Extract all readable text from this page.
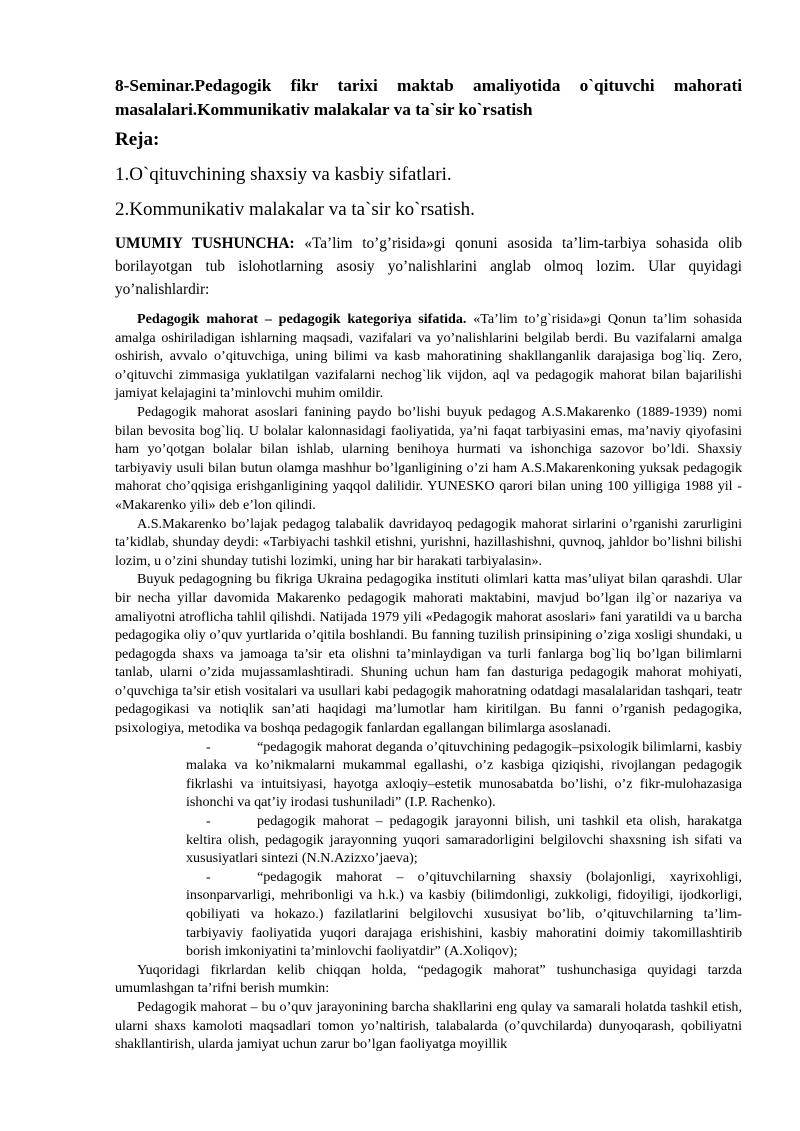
8-Seminar.Pedagogik fikr tarixi maktab amaliyotida o`qituvchi mahorati masalalari.Kommunikativ malakalar va ta`sir ko`rsatish
Reja:
1.O`qituvchining shaxsiy va kasbiy sifatlari.
2.Kommunikativ malakalar va ta`sir ko`rsatish.
UMUMIY TUSHUNCHA: «Ta’lim to’g’risida»gi qonuni asosida ta’lim-tarbiya sohasida olib borilayotgan tub islohotlarning asosiy yo’nalishlarini anglab olmoq lozim. Ular quyidagi yo’nalishlardir:

Pedagogik mahorat – pedagogik kategoriya sifatida. «Ta’lim to’g`risida»gi Qonun ta’lim sohasida amalga oshiriladigan ishlarning maqsadi, vazifalari va yo’nalishlarini belgilab berdi. Bu vazifalarni amalga oshirish, avvalo o’qituvchiga, uning bilimi va kasb mahoratining shakllanganlik darajasiga bog`liq. Zero, o’qituvchi zimmasiga yuklatilgan vazifalarni nechog`lik vijdon, aql va pedagogik mahorat bilan bajarilishi jamiyat kelajagini ta’minlovchi muhim omildir.

Pedagogik mahorat asoslari fanining paydo bo’lishi buyuk pedagog A.S.Makarenko (1889-1939) nomi bilan bevosita bog`liq. U bolalar kalonnasidagi faoliyatida, ya’ni faqat tarbiyasini emas, ma’naviy qiyofasini ham yo’qotgan bolalar bilan ishlab, ularning benihoya hurmati va ishonchiga sazovor bo’ldi. Shaxsiy tarbiyaviy usuli bilan butun olamga mashhur bo’lganligining o’zi ham A.S.Makarenkoning yuksak pedagogik mahorat cho’qqisiga erishganligining yaqqol dalilidir. YUNESKO qarori bilan uning 100 yilligiga 1988 yil - «Makarenko yili» deb e’lon qilindi.

A.S.Makarenko bo’lajak pedagog talabalik davridayoq pedagogik mahorat sirlarini o’rganishi zarurligini ta’kidlab, shunday deydi: «Tarbiyachi tashkil etishni, yurishni, hazillashishni, quvnoq, jahldor bo’lishni bilishi lozim, u o’zini shunday tutishi lozimki, uning har bir harakati tarbiyalasin».

Buyuk pedagogning bu fikriga Ukraina pedagogika instituti olimlari katta mas’uliyat bilan qarashdi. Ular bir necha yillar davomida Makarenko pedagogik mahorati maktabini, mavjud bo’lgan ilg`or nazariya va amaliyotni atroflicha tahlil qilishdi. Natijada 1979 yili «Pedagogik mahorat asoslari» fani yaratildi va u barcha pedagogika oliy o’quv yurtlarida o’qitila boshlandi. Bu fanning tuzilish prinsipining o’ziga xosligi shundaki, u pedagogda shaxs va jamoaga ta’sir eta olishni ta’minlaydigan va turli fanlarga bog`liq bo’lgan bilimlarni tanlab, ularni o’zida mujassamlashtiradi. Shuning uchun ham fan dasturiga pedagogik mahorat mohiyati, o’quvchiga ta’sir etish vositalari va usullari kabi pedagogik mahoratning odatdagi masalalaridan tashqari, teatr pedagogikasi va notiqlik san’ati haqidagi ma’lumotlar ham kiritilgan. Bu fanni o’rganish pedagogika, psixologiya, metodika va boshqa pedagogik fanlardan egallangan bilimlarga asoslanadi.

-	“pedagogik mahorat deganda o’qituvchining pedagogik–psixologik bilimlarni, kasbiy malaka va ko’nikmalarni mukammal egallashi, o’z kasbiga qiziqishi, rivojlangan pedagogik fikrlashi va intuitsiyasi, hayotga axloqiy–estetik munosabatda bo’lishi, o’z fikr-mulohazasiga ishonchi va qat’iy irodasi tushuniladi” (I.P. Rachenko).
-	pedagogik mahorat – pedagogik jarayonni bilish, uni tashkil eta olish, harakatga keltira olish, pedagogik jarayonning yuqori samaradorligini belgilovchi shaxsning ish sifati va xususiyatlari sintezi (N.N.Azizxo’jaeva);
-	“pedagogik mahorat – o’qituvchilarning shaxsiy (bolajonligi, xayrixohligi, insonparvarligi, mehribonligi va h.k.) va kasbiy (bilimdonligi, zukkoligi, fidoyiligi, ijodkorligi, qobiliyati va hokazo.) fazilatlarini belgilovchi xususiyat bo’lib, o’qituvchilarning ta’lim-tarbiyaviy faoliyatida yuqori darajaga erishishini, kasbiy mahoratini doimiy takomillashtirib borish imkoniyatini ta’minlovchi faoliyatdir” (A.Xoliqov);

Yuqoridagi fikrlardan kelib chiqqan holda, “pedagogik mahorat” tushunchasiga quyidagi tarzda umumlashgan ta’rifni berish mumkin:

Pedagogik mahorat – bu o’quv jarayonining barcha shakllarini eng qulay va samarali holatda tashkil etish, ularni shaxs kamoloti maqsadlari tomon yo’naltirish, talabalarda (o’quvchilarda) dunyoqarash, qobiliyatni shakllantirish, ularda jamiyat uchun zarur bo’lgan faoliyatga moyillik
